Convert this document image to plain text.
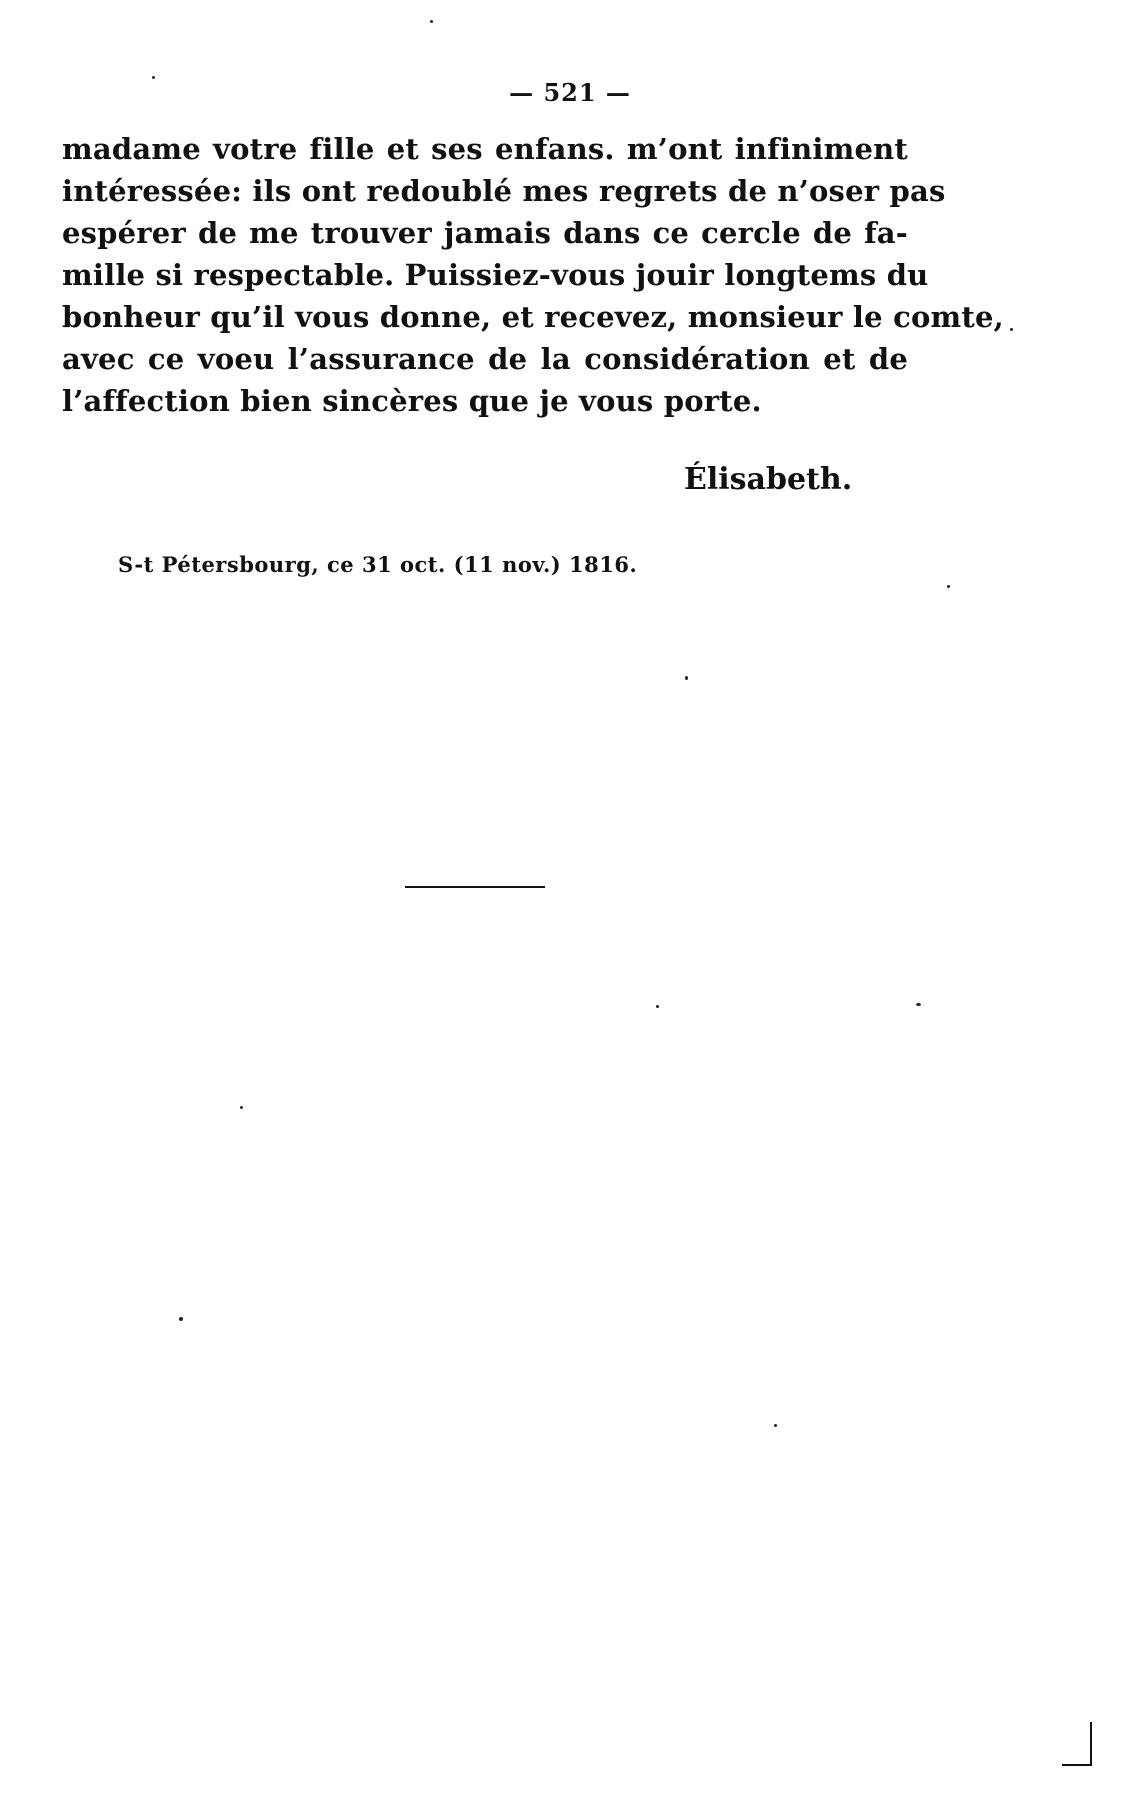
— 521 —
madame votre fille et ses enfans. m’ont infiniment
intéressée: ils ont redoublé mes regrets de n’oser pas
espérer de me trouver jamais dans ce cercle de fa-
mille si respectable. Puissiez-vous jouir longtems du
bonheur qu’il vous donne, et recevez, monsieur le comte,
avec ce voeu l’assurance de la considération et de
l’affection bien sincères que je vous porte.
Élisabeth.
S-t Pétersbourg, ce 31 oct. (11 nov.) 1816.
